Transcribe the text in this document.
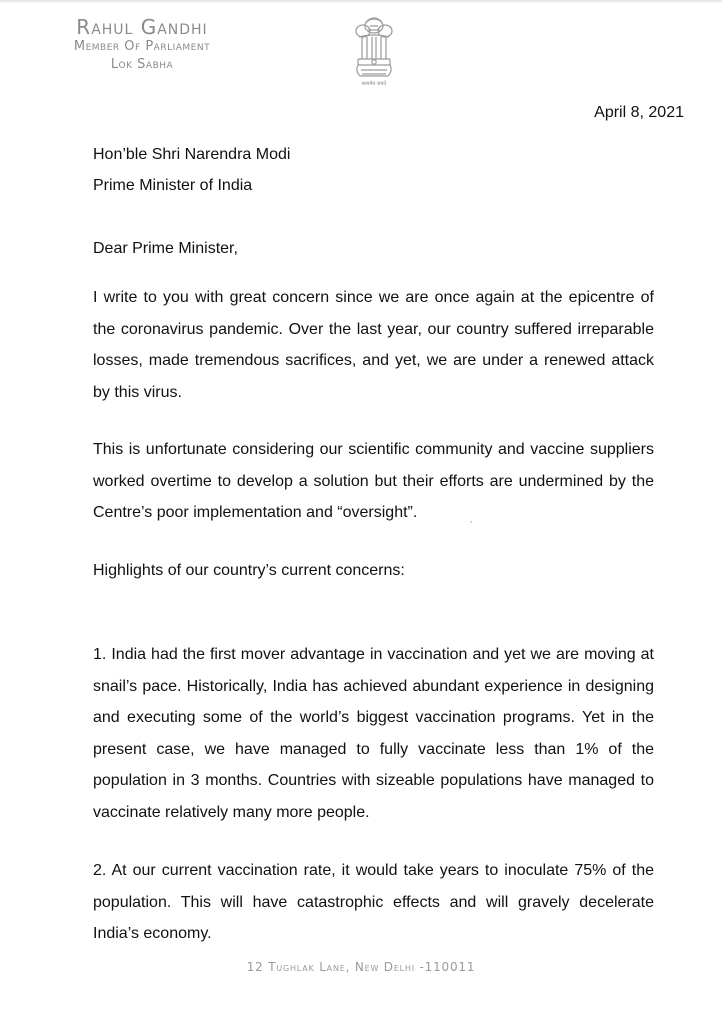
Rahul Gandhi
Member Of Parliament
Lok Sabha
सत्यमेव जयते
April 8, 2021
Hon’ble Shri Narendra Modi
Prime Minister of India
Dear Prime Minister,

I write to you with great concern since we are once again at the epicentre of the coronavirus pandemic. Over the last year, our country suffered irreparable losses, made tremendous sacrifices, and yet, we are under a renewed attack by this virus.

This is unfortunate considering our scientific community and vaccine suppliers worked overtime to develop a solution but their efforts are undermined by the Centre’s poor implementation and “oversight”.

Highlights of our country’s current concerns:

1. India had the first mover advantage in vaccination and yet we are moving at snail’s pace. Historically, India has achieved abundant experience in designing and executing some of the world’s biggest vaccination programs. Yet in the present case, we have managed to fully vaccinate less than 1% of the population in 3 months. Countries with sizeable populations have managed to vaccinate relatively many more people.

2. At our current vaccination rate, it would take years to inoculate 75% of the population. This will have catastrophic effects and will gravely decelerate India’s economy.

12 Tughlak Lane, New Delhi -110011
